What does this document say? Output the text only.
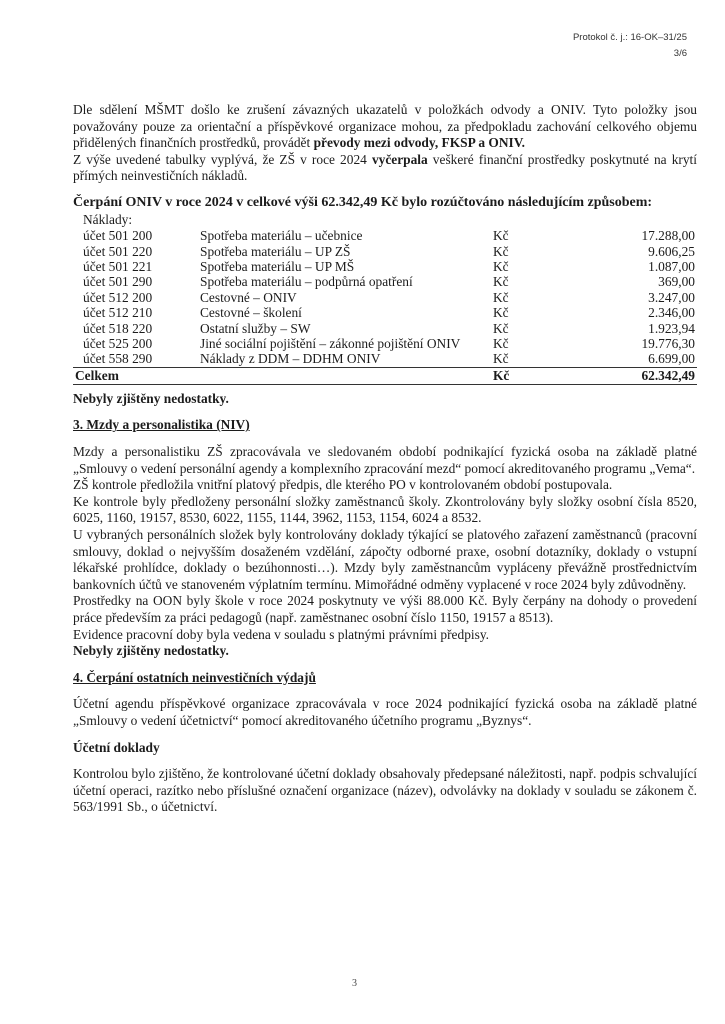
Protokol č. j.: 16-OK–31/25
3/6

Dle sdělení MŠMT došlo ke zrušení závazných ukazatelů v položkách odvody a ONIV. Tyto položky jsou považovány pouze za orientační a příspěvkové organizace mohou, za předpokladu zachování celkového objemu přidělených finančních prostředků, provádět převody mezi odvody, FKSP a ONIV.

Z výše uvedené tabulky vyplývá, že ZŠ v roce 2024 vyčerpala veškeré finanční prostředky poskytnuté na krytí přímých neinvestičních nákladů.

Čerpání ONIV v roce 2024 v celkové výši 62.342,49 Kč bylo rozúčtováno následujícím způsobem:

Náklady:

účet 501 200	Spotřeba materiálu – učebnice	Kč	17.288,00
účet 501 220	Spotřeba materiálu – UP ZŠ	Kč	9.606,25
účet 501 221	Spotřeba materiálu – UP MŠ	Kč	1.087,00
účet 501 290	Spotřeba materiálu – podpůrná opatření	Kč	369,00
účet 512 200	Cestovné – ONIV	Kč	3.247,00
účet 512 210	Cestovné – školení	Kč	2.346,00
účet 518 220	Ostatní služby – SW	Kč	1.923,94
účet 525 200	Jiné sociální pojištění – zákonné pojištění ONIV	Kč	19.776,30
účet 558 290	Náklady z DDM – DDHM ONIV	Kč	6.699,00
Celkem		Kč	62.342,49

Nebyly zjištěny nedostatky.

3. Mzdy a personalistika (NIV)

Mzdy a personalistiku ZŠ zpracovávala ve sledovaném období podnikající fyzická osoba na základě platné „Smlouvy o vedení personální agendy a komplexního zpracování mezd“ pomocí akreditovaného programu „Vema“.

ZŠ kontrole předložila vnitřní platový předpis, dle kterého PO v kontrolovaném období postupovala.

Ke kontrole byly předloženy personální složky zaměstnanců školy. Zkontrolovány byly složky osobní čísla 8520, 6025, 1160, 19157, 8530, 6022, 1155, 1144, 3962, 1153, 1154, 6024 a 8532.

U vybraných personálních složek byly kontrolovány doklady týkající se platového zařazení zaměstnanců (pracovní smlouvy, doklad o nejvyšším dosaženém vzdělání, zápočty odborné praxe, osobní dotazníky, doklady o vstupní lékařské prohlídce, doklady o bezúhonnosti…). Mzdy byly zaměstnancům vypláceny převážně prostřednictvím bankovních účtů ve stanoveném výplatním termínu. Mimořádné odměny vyplacené v roce 2024 byly zdůvodněny.

Prostředky na OON byly škole v roce 2024 poskytnuty ve výši 88.000 Kč. Byly čerpány na dohody o provedení práce především za práci pedagogů (např. zaměstnanec osobní číslo 1150, 19157 a 8513).

Evidence pracovní doby byla vedena v souladu s platnými právními předpisy.

Nebyly zjištěny nedostatky.

4. Čerpání ostatních neinvestičních výdajů

Účetní agendu příspěvkové organizace zpracovávala v roce 2024 podnikající fyzická osoba na základě platné „Smlouvy o vedení účetnictví“ pomocí akreditovaného účetního programu „Byznys“.

Účetní doklady

Kontrolou bylo zjištěno, že kontrolované účetní doklady obsahovaly předepsané náležitosti, např. podpis schvalující účetní operaci, razítko nebo příslušné označení organizace (název), odvolávky na doklady v souladu se zákonem č. 563/1991 Sb., o účetnictví.

3
